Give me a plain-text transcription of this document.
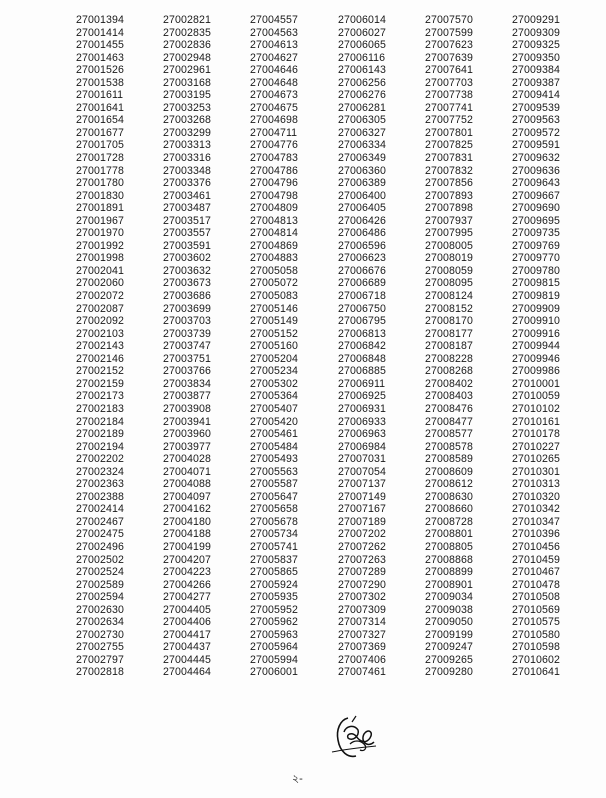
27001394
27001414
27001455
27001463
27001526
27001538
27001611
27001641
27001654
27001677
27001705
27001728
27001778
27001780
27001830
27001891
27001967
27001970
27001992
27001998
27002041
27002060
27002072
27002087
27002092
27002103
27002143
27002146
27002152
27002159
27002173
27002183
27002184
27002189
27002194
27002202
27002324
27002363
27002388
27002414
27002467
27002475
27002496
27002502
27002524
27002589
27002594
27002630
27002634
27002730
27002755
27002797
27002818
27002821
27002835
27002836
27002948
27002961
27003168
27003195
27003253
27003268
27003299
27003313
27003316
27003348
27003376
27003461
27003487
27003517
27003557
27003591
27003602
27003632
27003673
27003686
27003699
27003703
27003739
27003747
27003751
27003766
27003834
27003877
27003908
27003941
27003960
27003977
27004028
27004071
27004088
27004097
27004162
27004180
27004188
27004199
27004207
27004223
27004266
27004277
27004405
27004406
27004417
27004437
27004445
27004464
27004557
27004563
27004613
27004627
27004646
27004648
27004673
27004675
27004698
27004711
27004776
27004783
27004786
27004796
27004798
27004809
27004813
27004814
27004869
27004883
27005058
27005072
27005083
27005146
27005149
27005152
27005160
27005204
27005234
27005302
27005364
27005407
27005420
27005461
27005484
27005493
27005563
27005587
27005647
27005658
27005678
27005734
27005741
27005837
27005865
27005924
27005935
27005952
27005962
27005963
27005964
27005994
27006001
27006014
27006027
27006065
27006116
27006143
27006256
27006276
27006281
27006305
27006327
27006334
27006349
27006360
27006389
27006400
27006405
27006426
27006486
27006596
27006623
27006676
27006689
27006718
27006750
27006795
27006813
27006842
27006848
27006885
27006911
27006925
27006931
27006933
27006963
27006984
27007031
27007054
27007137
27007149
27007167
27007189
27007202
27007262
27007263
27007289
27007290
27007302
27007309
27007314
27007327
27007369
27007406
27007461
27007570
27007599
27007623
27007639
27007641
27007703
27007738
27007741
27007752
27007801
27007825
27007831
27007832
27007856
27007893
27007898
27007937
27007995
27008005
27008019
27008059
27008095
27008124
27008152
27008170
27008177
27008187
27008228
27008268
27008402
27008403
27008476
27008477
27008577
27008578
27008589
27008609
27008612
27008630
27008660
27008728
27008801
27008805
27008868
27008899
27008901
27009034
27009038
27009050
27009199
27009247
27009265
27009280
27009291
27009309
27009325
27009350
27009384
27009387
27009414
27009539
27009563
27009572
27009591
27009632
27009636
27009643
27009667
27009690
27009695
27009735
27009769
27009770
27009780
27009815
27009819
27009909
27009910
27009916
27009944
27009946
27009986
27010001
27010059
27010102
27010161
27010178
27010227
27010265
27010301
27010313
27010320
27010342
27010347
27010396
27010456
27010459
27010467
27010478
27010508
27010569
27010575
27010580
27010598
27010602
27010641
২-
